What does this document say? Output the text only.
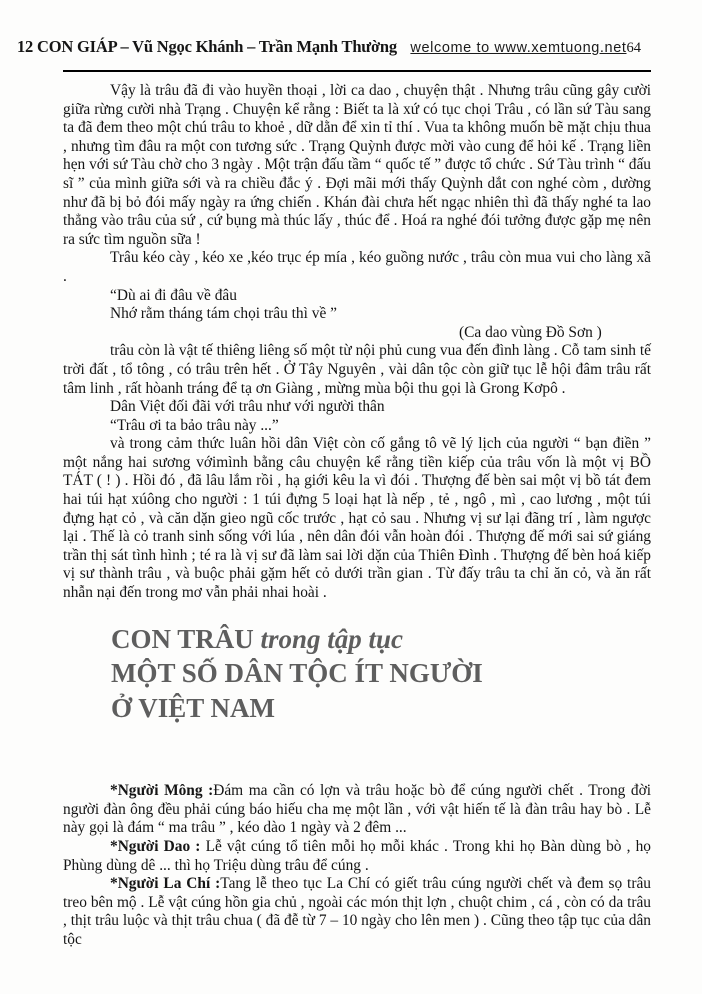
12 CON GIÁP – Vũ Ngọc Khánh – Trần Mạnh Thường welcome to www.xemtuong.net64

Vậy là trâu đã đi vào huyền thoại , lời ca dao , chuyện thật . Nhưng trâu cũng gây cười giữa rừng cười nhà Trạng . Chuyện kể rằng : Biết ta là xứ có tục chọi Trâu , có lần sứ Tàu sang ta đã đem theo một chú trâu to khoẻ , dữ dằn để xin tỉ thí . Vua ta không muốn bẽ mặt chịu thua , nhưng tìm đâu ra một con tương sức . Trạng Quỳnh được mời vào cung để hỏi kế . Trạng liền hẹn với sứ Tàu chờ cho 3 ngày . Một trận đấu tầm “ quốc tế ” được tổ chức . Sứ Tàu trình “ đấu sĩ ” của mình giữa sới và ra chiều đắc ý . Đợi mãi mới thấy Quỳnh dắt con nghé còm , dường như đã bị bỏ đói mấy ngày ra ứng chiến . Khán đài chưa hết ngạc nhiên thì đã thấy nghé ta lao thẳng vào trâu của sứ , cứ bụng mà thúc lấy , thúc để . Hoá ra nghé đói tưởng được gặp mẹ nên ra sức tìm nguồn sữa !

Trâu kéo cày , kéo xe ,kéo trục ép mía , kéo guồng nước , trâu còn mua vui cho làng xã .

“Dù ai đi đâu về đâu

Nhớ rằm tháng tám chọi trâu thì về ”

(Ca dao vùng Đồ Sơn )

trâu còn là vật tế thiêng liêng số một từ nội phủ cung vua đến đình làng . Cỗ tam sinh tế trời đất , tổ tông , có trâu trên hết . Ở Tây Nguyên , vài dân tộc còn giữ tục lễ hội đâm trâu rất tâm linh , rất hòanh tráng để tạ ơn Giàng , mừng mùa bội thu gọi là Grong Kơpô .

Dân Việt đối đãi với trâu như với người thân

“Trâu ơi ta bảo trâu này ...”

và trong cảm thức luân hồi dân Việt còn cố gắng tô vẽ lý lịch của người “ bạn điền ” một nắng hai sương vớimình bằng câu chuyện kể rằng tiền kiếp của trâu vốn là một vị BỒ TÁT ( ! ) . Hồi đó , đã lâu lắm rồi , hạ giới kêu la vì đói . Thượng đế bèn sai một vị bồ tát đem hai túi hạt xúông cho người : 1 túi đựng 5 loại hạt là nếp , tẻ , ngô , mì , cao lương , một túi đựng hạt cỏ , và căn dặn gieo ngũ cốc trước , hạt cỏ sau . Nhưng vị sư lại đãng trí , làm ngược lại . Thế là cỏ tranh sinh sống với lúa , nên dân đói vẫn hoàn đói . Thượng đế mới sai sứ giáng trần thị sát tình hình ; té ra là vị sư đã làm sai lời dặn của Thiên Đình . Thượng đế bèn hoá kiếp vị sư thành trâu , và buộc phải gặm hết cỏ dưới trần gian . Từ đấy trâu ta chỉ ăn cỏ, và ăn rất nhẫn nại đến trong mơ vẫn phải nhai hoài .

CON TRÂU trong tập tục
MỘT SỐ DÂN TỘC ÍT NGƯỜI
Ở VIỆT NAM

*Người Mông :Đám ma cần có lợn và trâu hoặc bò để cúng người chết . Trong đời người đàn ông đều phải cúng báo hiếu cha mẹ một lần , với vật hiến tế là đàn trâu hay bò . Lễ này gọi là đám “ ma trâu ” , kéo dào 1 ngày và 2 đêm ...

*Người Dao : Lễ vật cúng tổ tiên mỗi họ mỗi khác . Trong khi họ Bàn dùng bò , họ Phùng dùng dê ... thì họ Triệu dùng trâu để cúng .

*Người La Chí :Tang lễ theo tục La Chí có giết trâu cúng người chết và đem sọ trâu treo bên mộ . Lễ vật cúng hồn gia chủ , ngoài các món thịt lợn , chuột chim , cá , còn có da trâu , thịt trâu luộc và thịt trâu chua ( đã đễ từ 7 – 10 ngày cho lên men ) . Cũng theo tập tục của dân tộc
